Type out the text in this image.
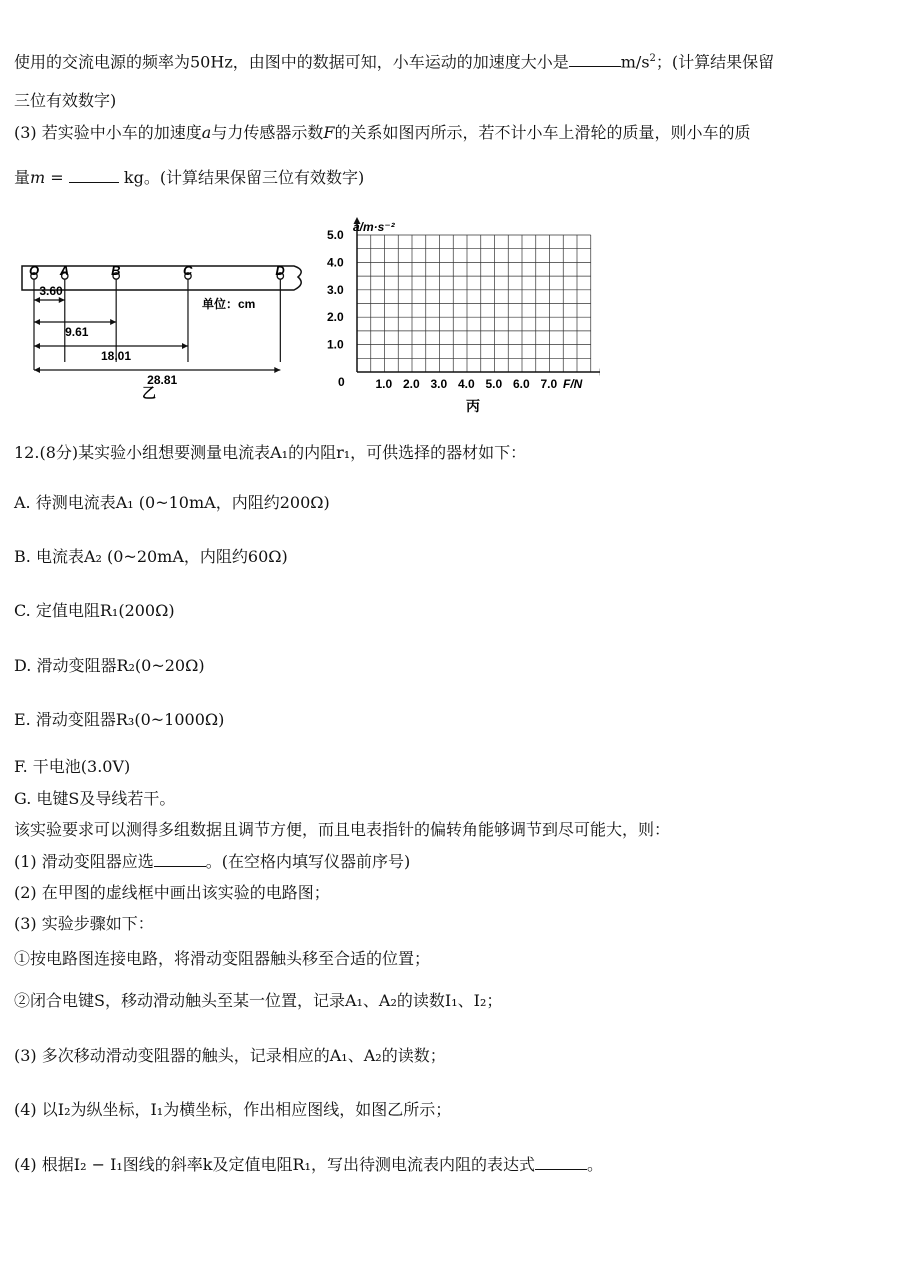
使用的交流电源的频率为50Hz，由图中的数据可知，小车运动的加速度大小是	$m/s^2$；(计算结果保留
三位有效数字)
(3) 若实验中小车的加速度a与力传感器示数F的关系如图丙所示，若不计小车上滑轮的质量，则小车的质
量m =	kg。(计算结果保留三位有效数字)
O A	B	C	D
3.60
9.61
18.01
28.81
单位：cm
乙
1.0 2.0 3.0 4.0 5.0 6.0 7.0
1.0
2.0
3.0
4.0
5.0
a/m·s⁻²
F/N
0
丙
12.(8分)某实验小组想要测量电流表A₁的内阻r₁，可供选择的器材如下：
A. 待测电流表A₁ (0~10mA，内阻约200Ω)
B. 电流表A₂ (0~20mA，内阻约60Ω)
C. 定值电阻R₁(200Ω)
D. 滑动变阻器R₂(0~20Ω)
E. 滑动变阻器R₃(0~1000Ω)
F. 干电池(3.0V)
G. 电键S及导线若干。
该实验要求可以测得多组数据且调节方便，而且电表指针的偏转角能够调节到尽可能大，则：
(1) 滑动变阻器应选	。(在空格内填写仪器前序号)
(2) 在甲图的虚线框中画出该实验的电路图；
(3) 实验步骤如下：
①按电路图连接电路，将滑动变阻器触头移至合适的位置；
②闭合电键S，移动滑动触头至某一位置，记录A₁、A₂的读数I₁、I₂；
(3) 多次移动滑动变阻器的触头，记录相应的A₁、A₂的读数；
(4) 以I₂为纵坐标，I₁为横坐标，作出相应图线，如图乙所示；
(4) 根据I₂ − I₁图线的斜率k及定值电阻R₁，写出待测电流表内阻的表达式	。
